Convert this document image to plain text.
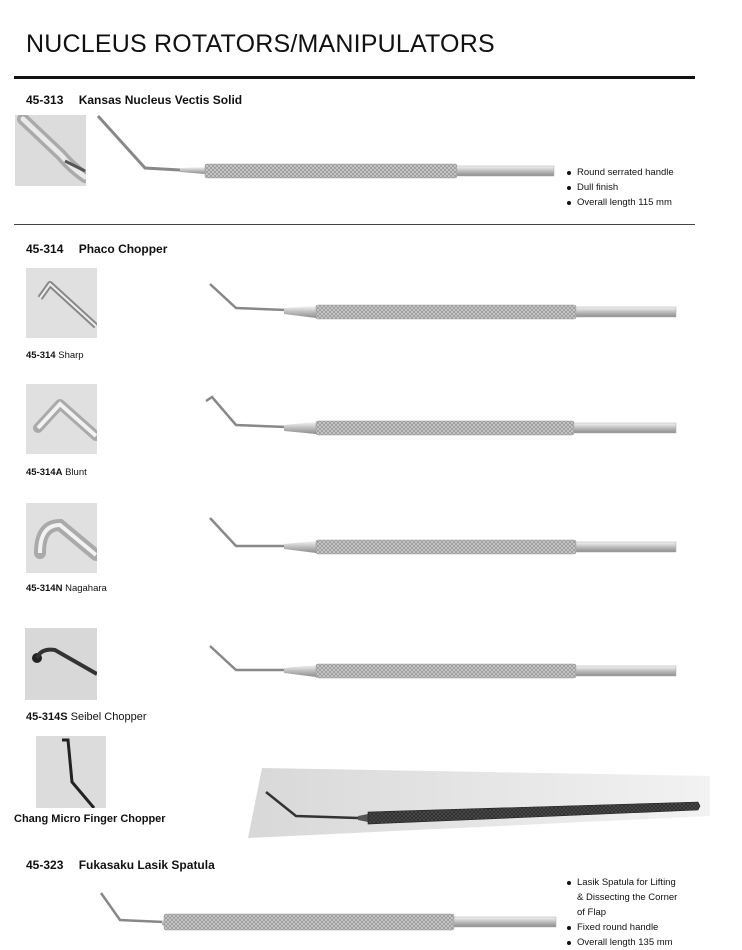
NUCLEUS ROTATORS/MANIPULATORS
45-313 Kansas Nucleus Vectis Solid
Round serrated handle
Dull finish
Overall length 115 mm
45-314 Phaco Chopper
45-314 Sharp
45-314A Blunt
45-314N Nagahara
45-314S Seibel Chopper
Chang Micro Finger Chopper
45-323 Fukasaku Lasik Spatula
Lasik Spatula for Lifting
& Dissecting the Corner
of Flap
Fixed round handle
Overall length 135 mm
